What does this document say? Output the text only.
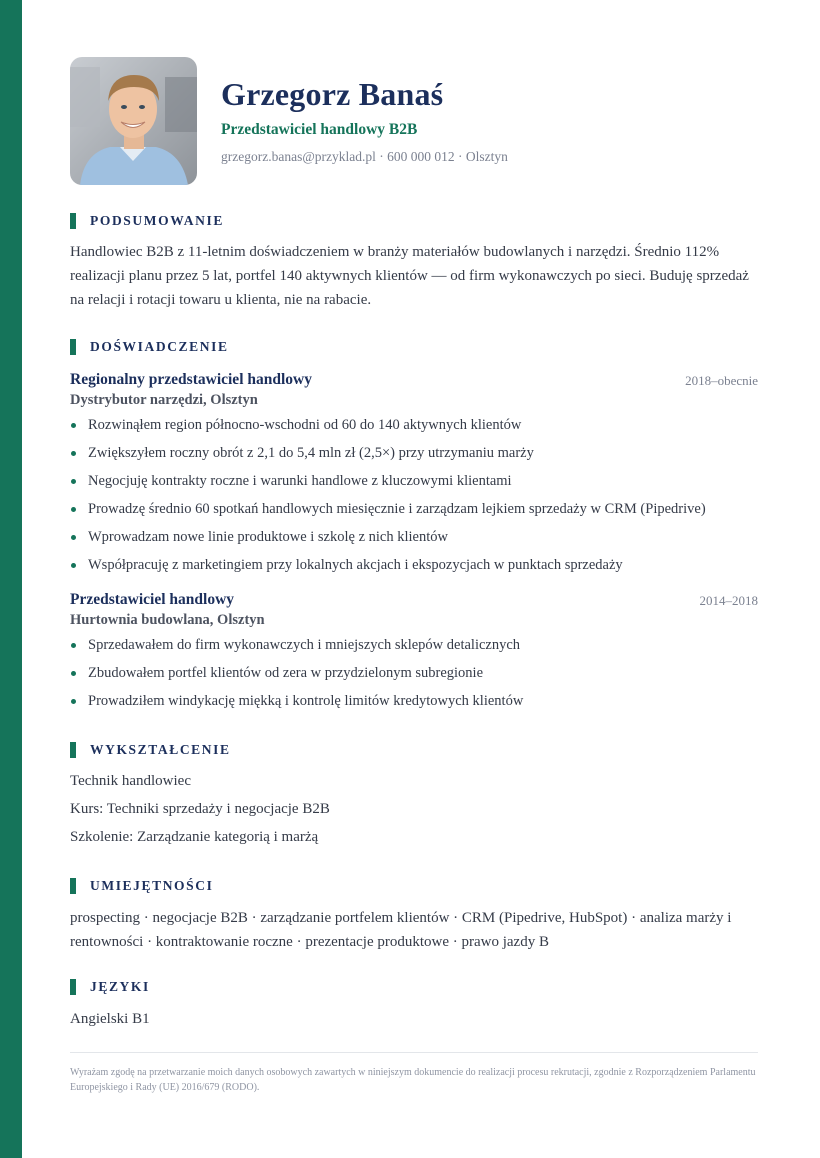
Grzegorz Banaś
Przedstawiciel handlowy B2B
grzegorz.banas@przyklad.pl · 600 000 012 · Olsztyn
PODSUMOWANIE

Handlowiec B2B z 11-letnim doświadczeniem w branży materiałów budowlanych i narzędzi. Średnio 112% realizacji planu przez 5 lat, portfel 140 aktywnych klientów — od firm wykonawczych po sieci. Buduję sprzedaż na relacji i rotacji towaru u klienta, nie na rabacie.

DOŚWIADCZENIE
Regionalny przedstawiciel handlowy	2018–obecnie
Dystrybutor narzędzi, Olsztyn
Rozwinąłem region północno-wschodni od 60 do 140 aktywnych klientów
Zwiększyłem roczny obrót z 2,1 do 5,4 mln zł (2,5×) przy utrzymaniu marży
Negocjuję kontrakty roczne i warunki handlowe z kluczowymi klientami
Prowadzę średnio 60 spotkań handlowych miesięcznie i zarządzam lejkiem sprzedaży w CRM (Pipedrive)
Wprowadzam nowe linie produktowe i szkolę z nich klientów
Współpracuję z marketingiem przy lokalnych akcjach i ekspozycjach w punktach sprzedaży
Przedstawiciel handlowy	2014–2018
Hurtownia budowlana, Olsztyn
Sprzedawałem do firm wykonawczych i mniejszych sklepów detalicznych
Zbudowałem portfel klientów od zera w przydzielonym subregionie
Prowadziłem windykację miękką i kontrolę limitów kredytowych klientów
WYKSZTAŁCENIE
Technik handlowiec
Kurs: Techniki sprzedaży i negocjacje B2B
Szkolenie: Zarządzanie kategorią i marżą
UMIEJĘTNOŚCI

prospecting · negocjacje B2B · zarządzanie portfelem klientów · CRM (Pipedrive, HubSpot) · analiza marży i rentowności · kontraktowanie roczne · prezentacje produktowe · prawo jazdy B

JĘZYKI
Angielski B1

Wyrażam zgodę na przetwarzanie moich danych osobowych zawartych w niniejszym dokumencie do realizacji procesu rekrutacji, zgodnie z Rozporządzeniem Parlamentu Europejskiego i Rady (UE) 2016/679 (RODO).
